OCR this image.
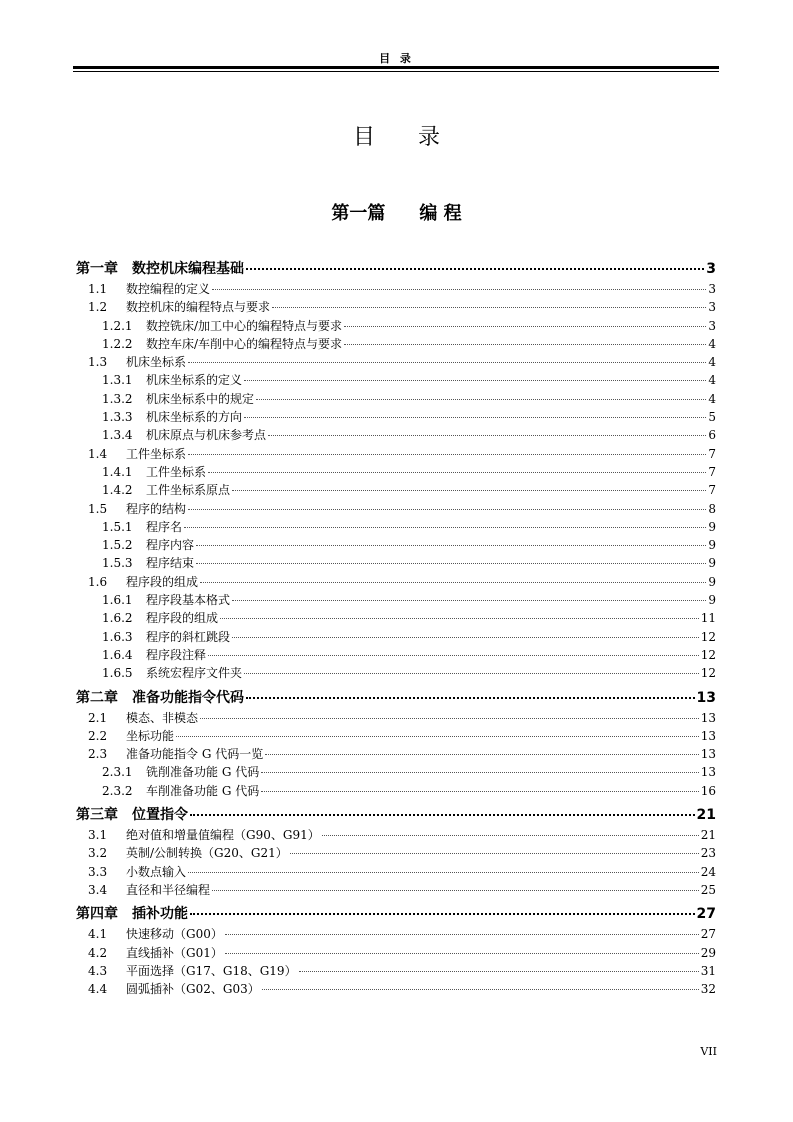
目 录
目 录
第一篇 编 程
第一章	数控机床编程基础	3
1.1	数控编程的定义	3
1.2	数控机床的编程特点与要求	3
1.2.1	数控铣床/加工中心的编程特点与要求	3
1.2.2	数控车床/车削中心的编程特点与要求	4
1.3	机床坐标系	4
1.3.1	机床坐标系的定义	4
1.3.2	机床坐标系中的规定	4
1.3.3	机床坐标系的方向	5
1.3.4	机床原点与机床参考点	6
1.4	工件坐标系	7
1.4.1	工件坐标系	7
1.4.2	工件坐标系原点	7
1.5	程序的结构	8
1.5.1	程序名	9
1.5.2	程序内容	9
1.5.3	程序结束	9
1.6	程序段的组成	9
1.6.1	程序段基本格式	9
1.6.2	程序段的组成	11
1.6.3	程序的斜杠跳段	12
1.6.4	程序段注释	12
1.6.5	系统宏程序文件夹	12
第二章	准备功能指令代码	13
2.1	模态、非模态	13
2.2	坐标功能	13
2.3	准备功能指令 G 代码一览	13
2.3.1	铣削准备功能 G 代码	13
2.3.2	车削准备功能 G 代码	16
第三章	位置指令	21
3.1	绝对值和增量值编程（G90、G91）	21
3.2	英制/公制转换（G20、G21）	23
3.3	小数点输入	24
3.4	直径和半径编程	25
第四章	插补功能	27
4.1	快速移动（G00）	27
4.2	直线插补（G01）	29
4.3	平面选择（G17、G18、G19）	31
4.4	圆弧插补（G02、G03）	32
VII
